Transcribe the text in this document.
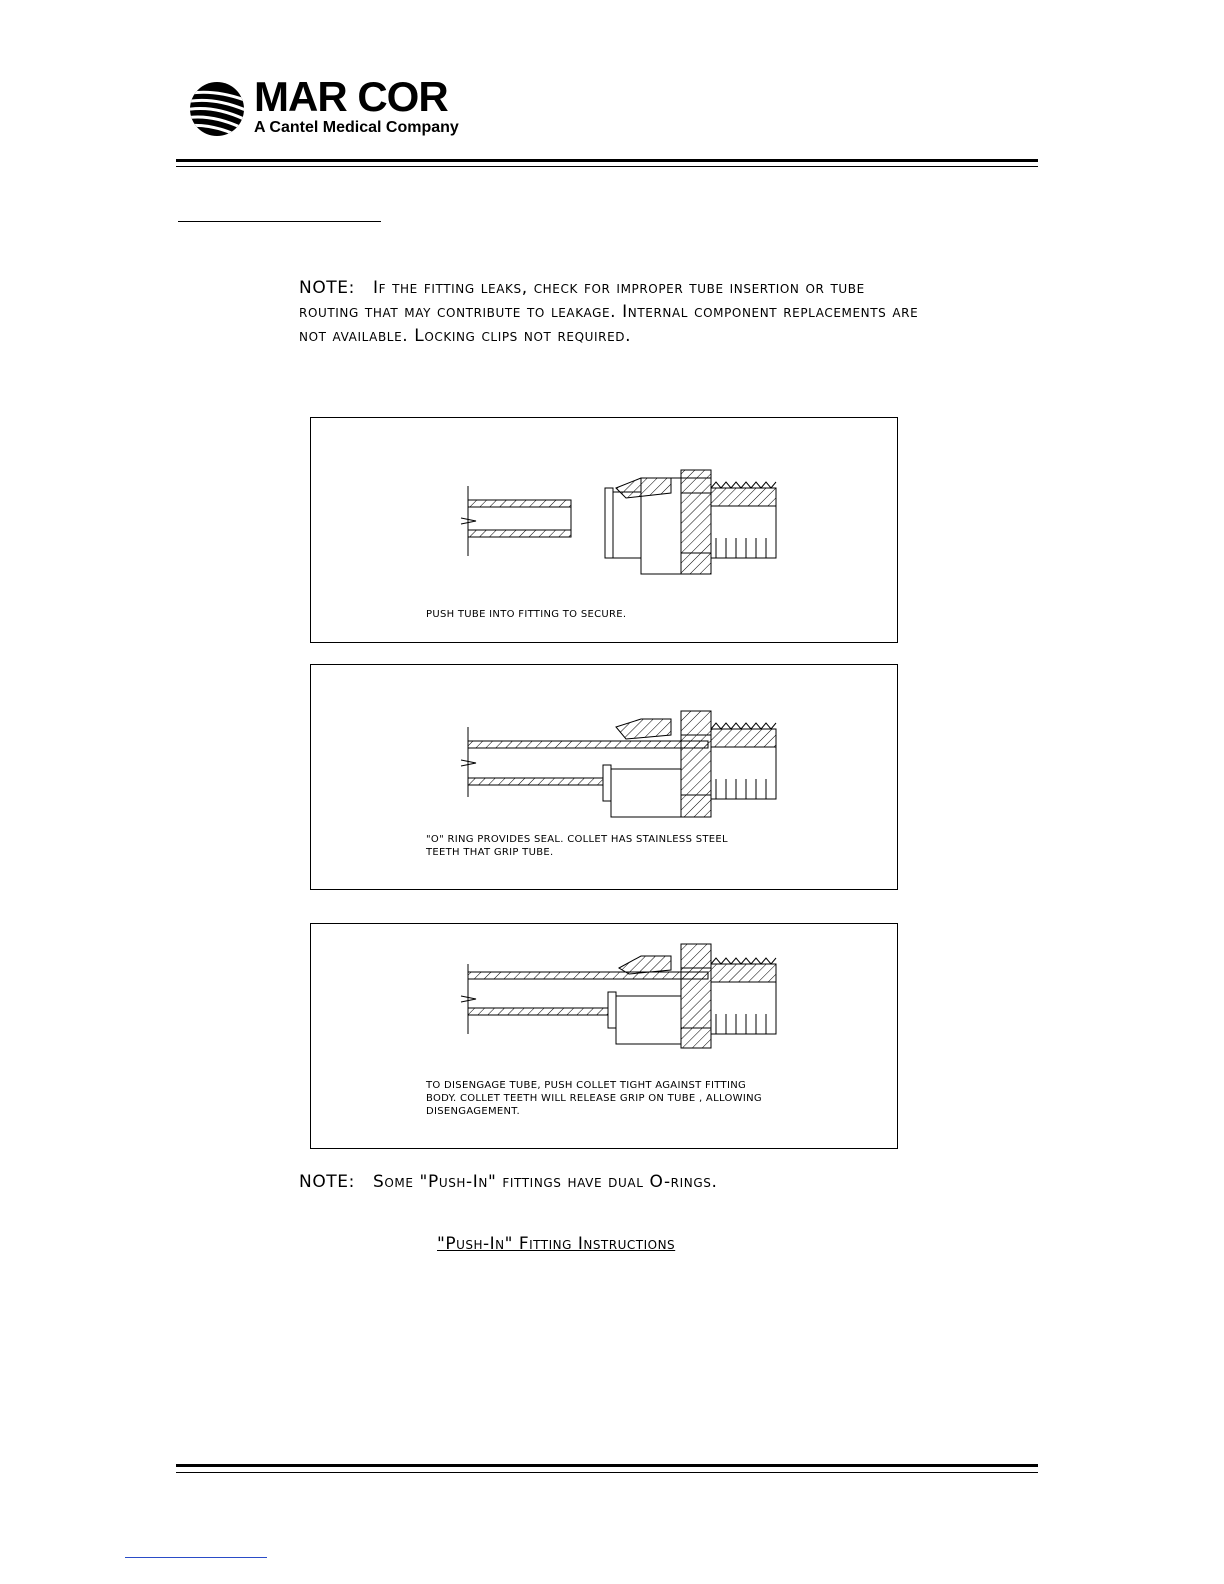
MAR COR
A Cantel Medical Company
NOTE: If the fitting leaks, check for improper tube insertion or tube routing that may contribute to leakage. Internal component replacements are not available. Locking clips not required.
PUSH TUBE INTO FITTING TO SECURE.
"O" RING PROVIDES SEAL. COLLET HAS STAINLESS STEEL
TEETH THAT GRIP TUBE.
TO DISENGAGE TUBE, PUSH COLLET TIGHT AGAINST FITTING
BODY. COLLET TEETH WILL RELEASE GRIP ON TUBE , ALLOWING
DISENGAGEMENT.
NOTE: Some "Push-In" fittings have dual O-rings.
"Push-In" Fitting Instructions
